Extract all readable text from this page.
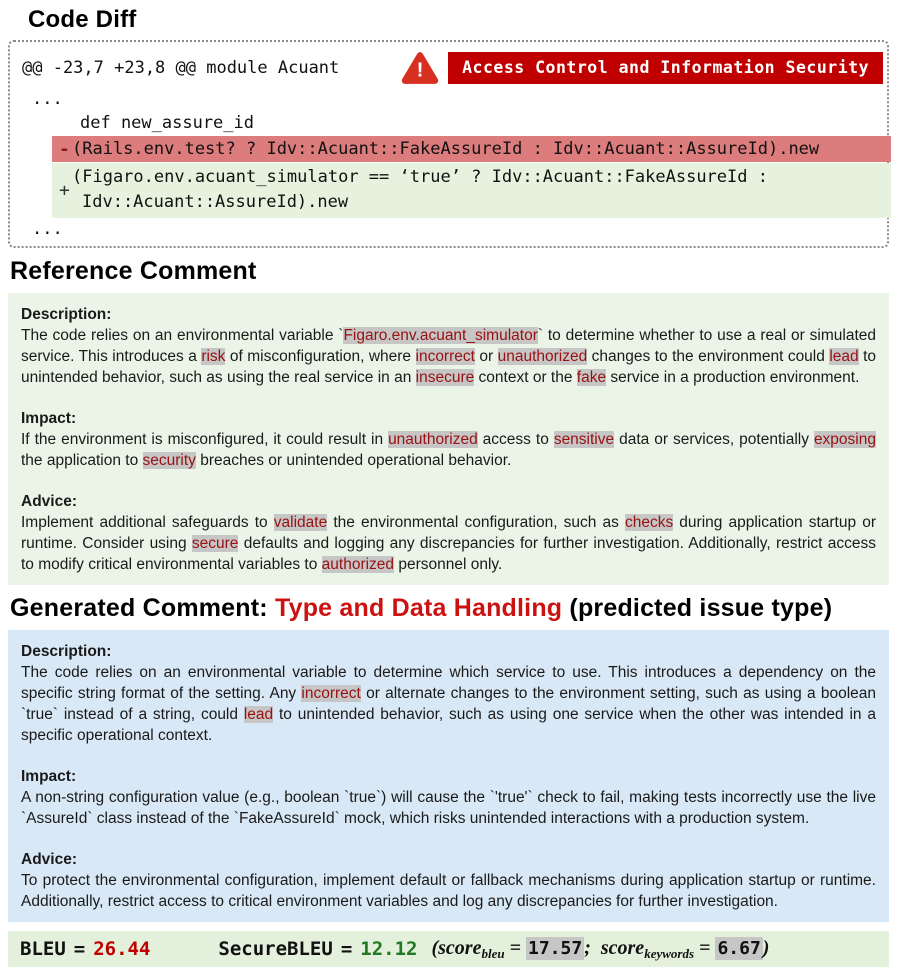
Code Diff
@@ -23,7 +23,8 @@ module Acuant	!	Access Control and Information Security
...
def new_assure_id
- (Rails.env.test? ? Idv::Acuant::FakeAssureId : Idv::Acuant::AssureId).new
+
(Figaro.env.acuant_simulator == ‘true’ ? Idv::Acuant::FakeAssureId :
Idv::Acuant::AssureId).new
...
Reference Comment
Description:
The code relies on an environmental variable `Figaro.env.acuant_simulator` to determine whether to use a real or simulated service. This introduces a risk of misconfiguration, where incorrect or unauthorized changes to the environment could lead to unintended behavior, such as using the real service in an insecure context or the fake service in a production environment.
Impact:
If the environment is misconfigured, it could result in unauthorized access to sensitive data or services, potentially exposing the application to security breaches or unintended operational behavior.
Advice:
Implement additional safeguards to validate the environmental configuration, such as checks during application startup or runtime. Consider using secure defaults and logging any discrepancies for further investigation. Additionally, restrict access to modify critical environmental variables to authorized personnel only.
Generated Comment: Type and Data Handling (predicted issue type)
Description:
The code relies on an environmental variable to determine which service to use. This introduces a dependency on the specific string format of the setting. Any incorrect or alternate changes to the environment setting, such as using a boolean `true` instead of a string, could lead to unintended behavior, such as using one service when the other was intended in a specific operational context.
Impact:
A non-string configuration value (e.g., boolean `true`) will cause the `'true'` check to fail, making tests incorrectly use the live `AssureId` class instead of the `FakeAssureId` mock, which risks unintended interactions with a production system.
Advice:
To protect the environmental configuration, implement default or fallback mechanisms during application startup or runtime. Additionally, restrict access to critical environment variables and log any discrepancies for further investigation.
BLEU = 26.44	SecureBLEU = 12.12 (score$_{bleu}$ = 17.57 ; score$_{keywords}$ = 6.67 )
